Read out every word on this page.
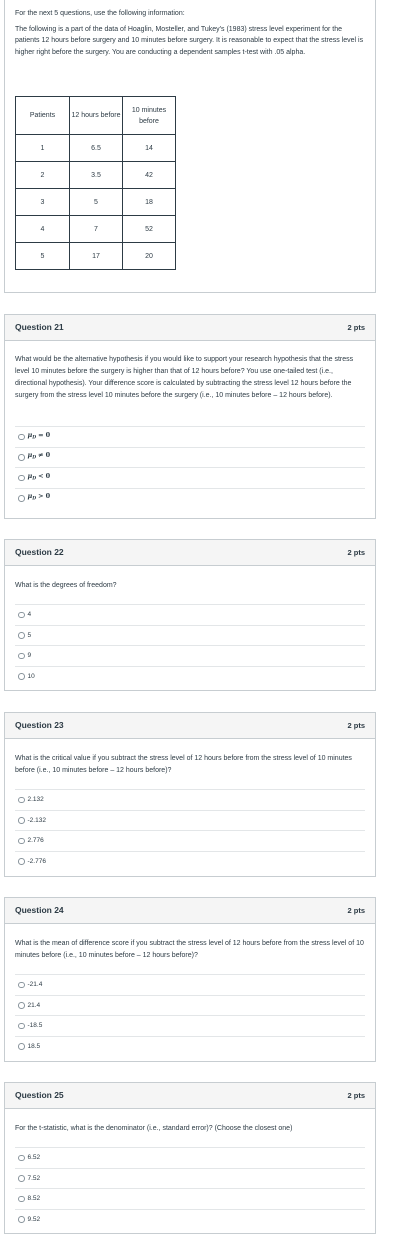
For the next 5 questions, use the following information:

The following is a part of the data of Hoaglin, Mosteller, and Tukey's (1983) stress level experiment for the patients 12 hours before surgery and 10 minutes before surgery. It is reasonable to expect that the stress level is higher right before the surgery. You are conducting a dependent samples t-test with .05 alpha.

Patients	12 hours before	10 minutes before
1	6.5	14
2	3.5	42
3	5	18
4	7	52
5	17	20
Question 21	2 pts

What would be the alternative hypothesis if you would like to support your research hypothesis that the stress level 10 minutes before the surgery is higher than that of 12 hours before? You use one-tailed test (i.e., directional hypothesis). Your difference score is calculated by subtracting the stress level 12 hours before the surgery from the stress level 10 minutes before the surgery (i.e., 10 minutes before – 12 hours before).

$\mu_D = 0$
$\mu_D \ne 0$
$\mu_D < 0$
$\mu_D > 0$
Question 22	2 pts

What is the degrees of freedom?

4
5
9
10
Question 23	2 pts

What is the critical value if you subtract the stress level of 12 hours before from the stress level of 10 minutes before (i.e., 10 minutes before – 12 hours before)?

2.132
-2.132
2.776
-2.776
Question 24	2 pts

What is the mean of difference score if you subtract the stress level of 12 hours before from the stress level of 10 minutes before (i.e., 10 minutes before – 12 hours before)?

-21.4
21.4
-18.5
18.5
Question 25	2 pts

For the t-statistic, what is the denominator (i.e., standard error)? (Choose the closest one)

6.52
7.52
8.52
9.52
